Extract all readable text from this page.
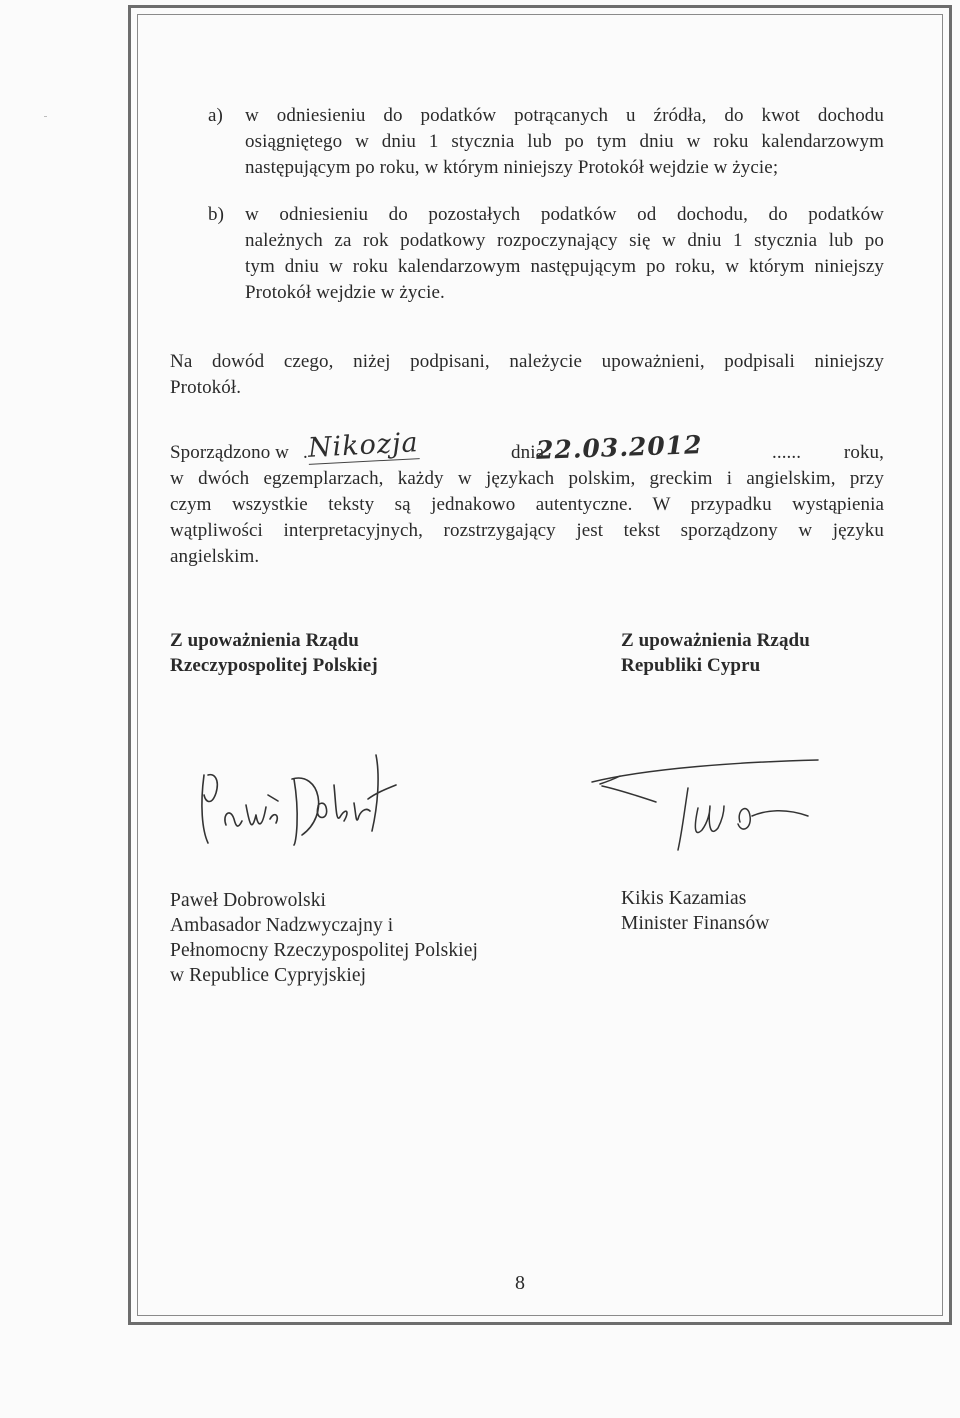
a) w odniesieniu do podatków potrącanych u źródła, do kwot dochodu

osiągniętego w dniu 1 stycznia lub po tym dniu w roku kalendarzowym

następującym po roku, w którym niniejszy Protokół wejdzie w życie;

b) w odniesieniu do pozostałych podatków od dochodu, do podatków

należnych za rok podatkowy rozpoczynający się w dniu 1 stycznia lub po

tym dniu w roku kalendarzowym następującym po roku, w którym niniejszy

Protokół wejdzie w życie.

Na dowód czego, niżej podpisani, należycie upoważnieni, podpisali niniejszy

Protokół.

Sporządzono w .	dnia	...... roku,

w dwóch egzemplarzach, każdy w językach polskim, greckim i angielskim, przy

czym wszystkie teksty są jednakowo autentyczne. W przypadku wystąpienia

wątpliwości interpretacyjnych, rozstrzygający jest tekst sporządzony w języku

angielskim.

Nikozja	22.03.2012

Z upoważnienia Rządu

Rzeczypospolitej Polskiej

Z upoważnienia Rządu

Republiki Cypru

Paweł Dobrowolski

Ambasador Nadzwyczajny i

Pełnomocny Rzeczypospolitej Polskiej

w Republice Cypryjskiej

Kikis Kazamias

Minister Finansów

8
